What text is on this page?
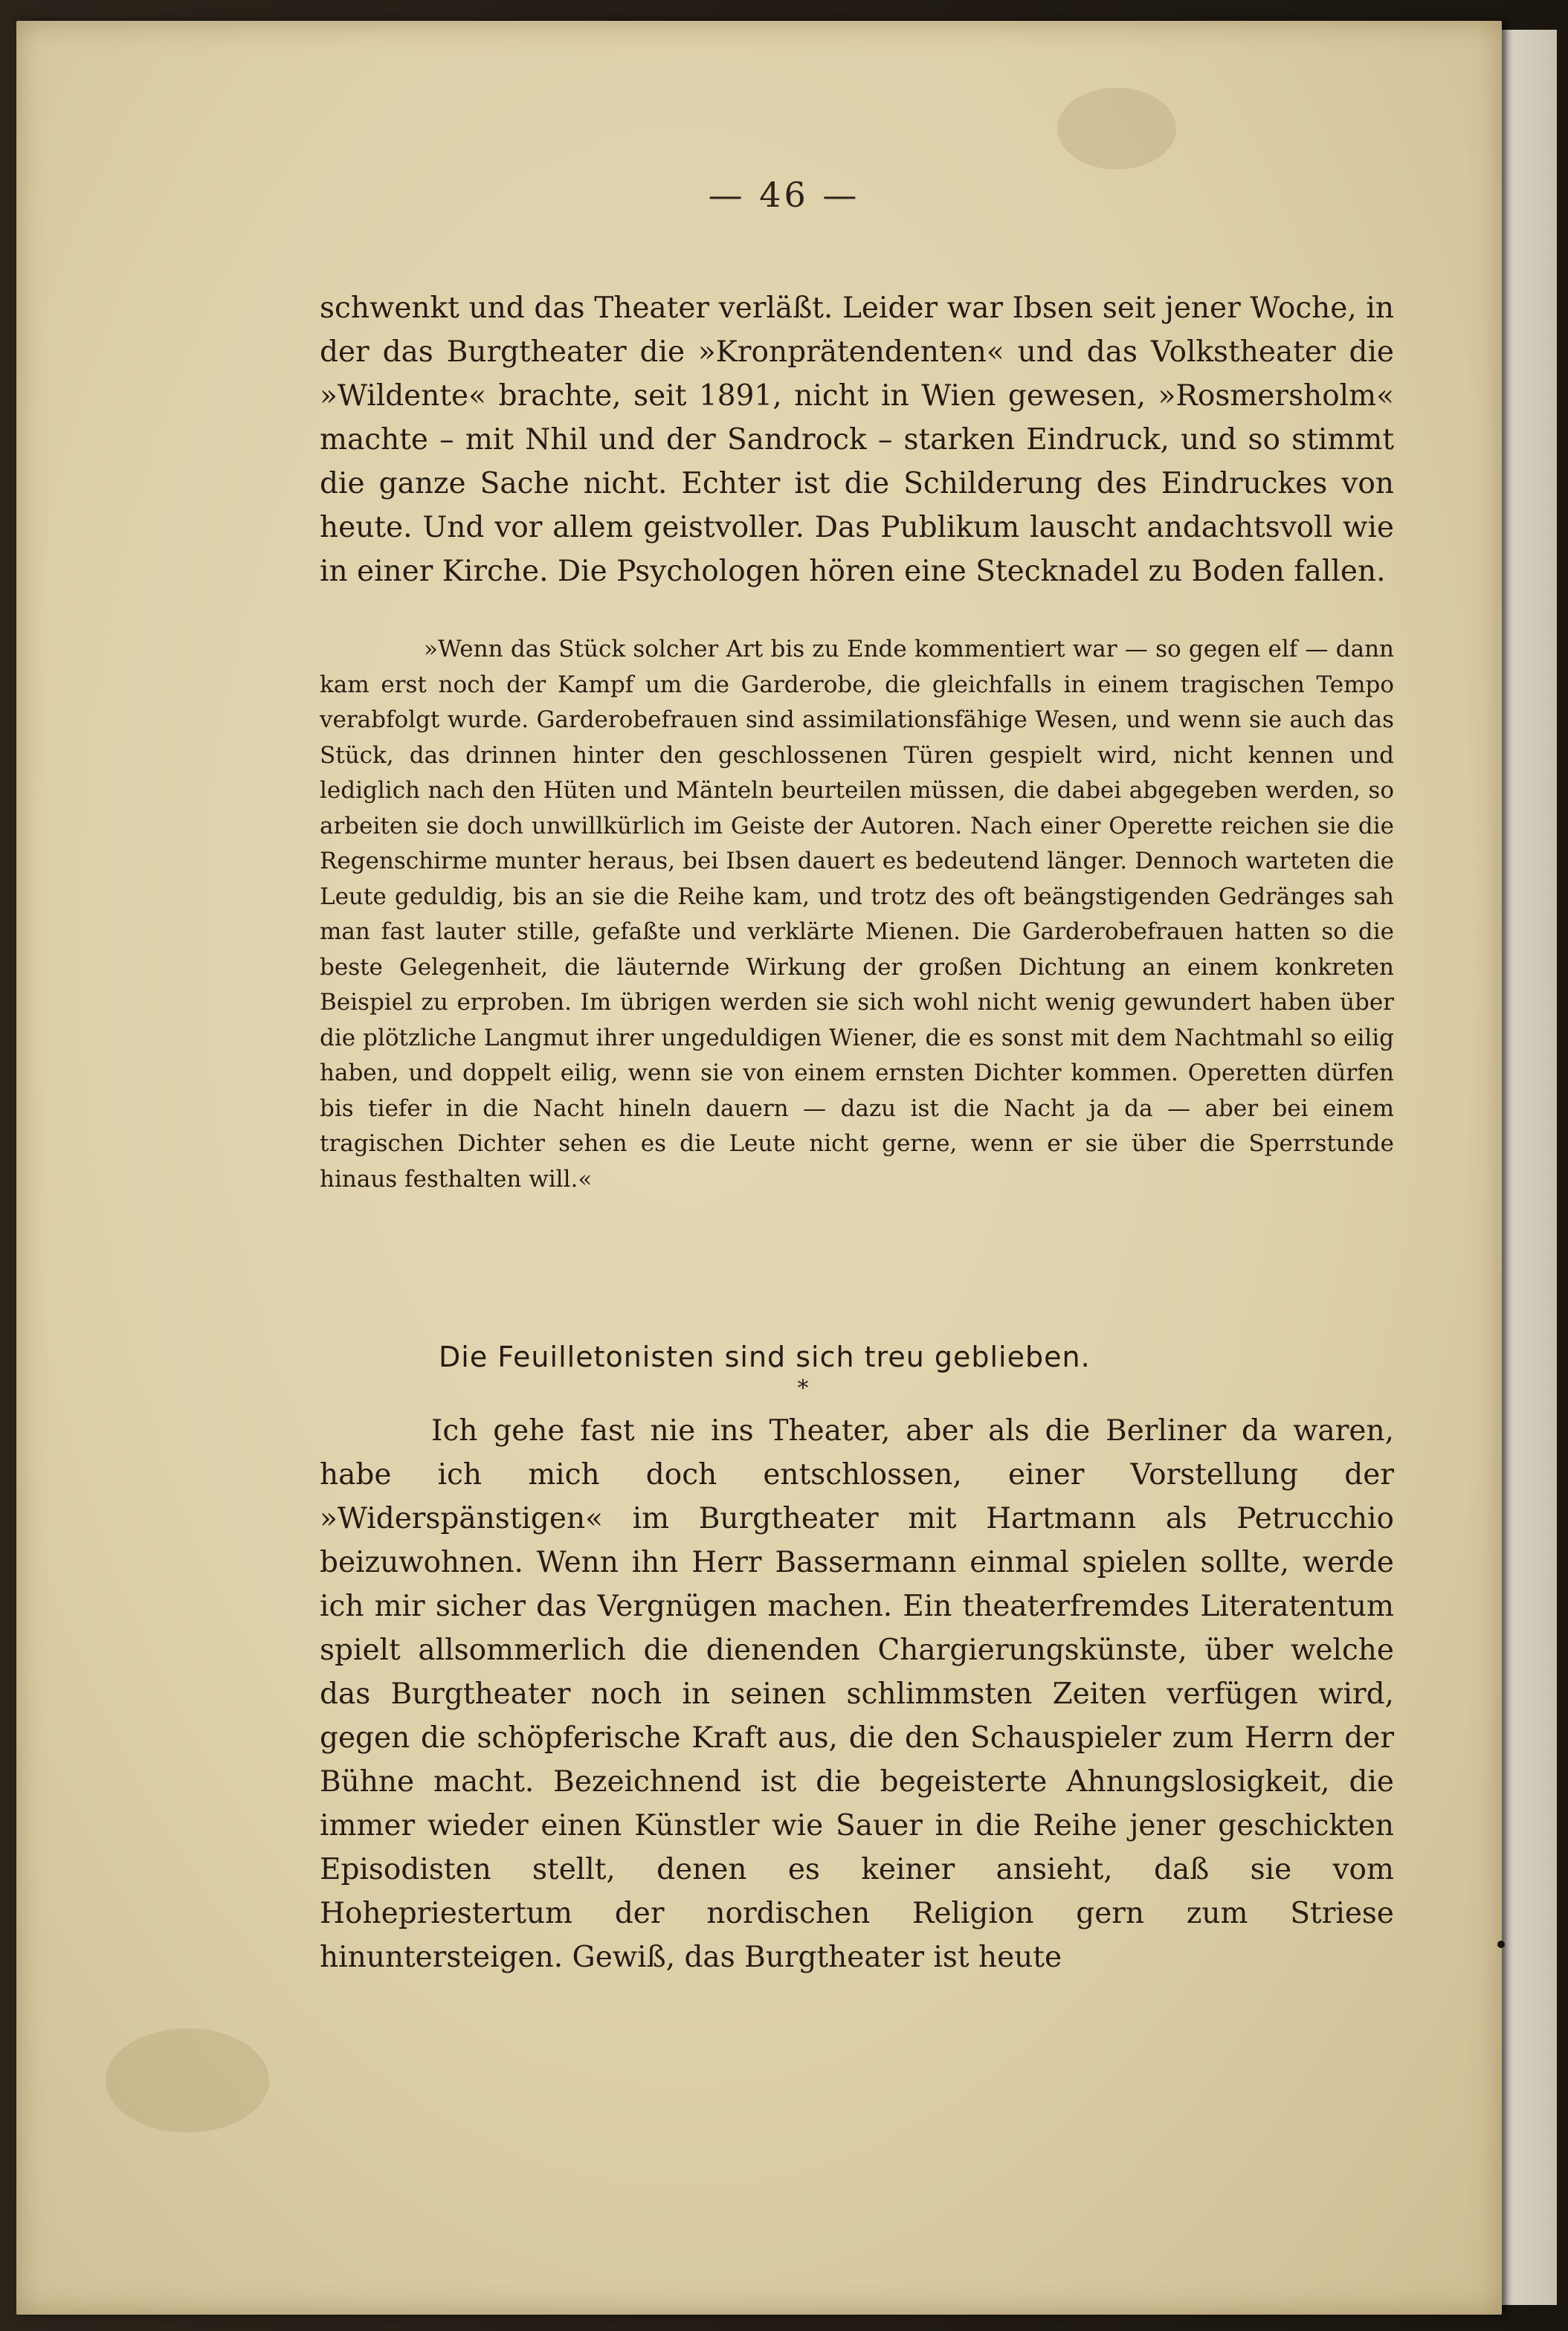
— 46 —

schwenkt und das Theater verläßt. Leider war Ibsen seit jener Woche, in der das Burgtheater die »Kronprätendenten« und das Volkstheater die »Wildente« brachte, seit 1891, nicht in Wien gewesen, »Rosmersholm« machte – mit Nhil und der Sandrock – starken Eindruck, und so stimmt die ganze Sache nicht. Echter ist die Schilderung des Eindruckes von heute. Und vor allem geistvoller. Das Publikum lauscht andachtsvoll wie in einer Kirche. Die Psychologen hören eine Stecknadel zu Boden fallen.

»Wenn das Stück solcher Art bis zu Ende kommentiert war — so gegen elf — dann kam erst noch der Kampf um die Garderobe, die gleichfalls in einem tragischen Tempo verabfolgt wurde. Garderobefrauen sind assimilationsfähige Wesen, und wenn sie auch das Stück, das drinnen hinter den geschlossenen Türen gespielt wird, nicht kennen und lediglich nach den Hüten und Mänteln beurteilen müssen, die dabei abgegeben werden, so arbeiten sie doch unwillkürlich im Geiste der Autoren. Nach einer Operette reichen sie die Regenschirme munter heraus, bei Ibsen dauert es bedeutend länger. Dennoch warteten die Leute geduldig, bis an sie die Reihe kam, und trotz des oft beängstigenden Gedränges sah man fast lauter stille, gefaßte und verklärte Mienen. Die Garderobefrauen hatten so die beste Gelegenheit, die läuternde Wirkung der großen Dichtung an einem konkreten Beispiel zu erproben. Im übrigen werden sie sich wohl nicht wenig gewundert haben über die plötzliche Langmut ihrer ungeduldigen Wiener, die es sonst mit dem Nachtmahl so eilig haben, und doppelt eilig, wenn sie von einem ernsten Dichter kommen. Operetten dürfen bis tiefer in die Nacht hineln dauern — dazu ist die Nacht ja da — aber bei einem tragischen Dichter sehen es die Leute nicht gerne, wenn er sie über die Sperrstunde hinaus festhalten will.«

Die Feuilletonisten sind sich treu geblieben.
*

Ich gehe fast nie ins Theater, aber als die Berliner da waren, habe ich mich doch entschlossen, einer Vorstellung der »Widerspänstigen« im Burgtheater mit Hartmann als Petrucchio beizuwohnen. Wenn ihn Herr Bassermann einmal spielen sollte, werde ich mir sicher das Vergnügen machen. Ein theaterfremdes Literatentum spielt allsommerlich die dienenden Chargierungskünste, über welche das Burgtheater noch in seinen schlimmsten Zeiten verfügen wird, gegen die schöpferische Kraft aus, die den Schauspieler zum Herrn der Bühne macht. Bezeichnend ist die begeisterte Ahnungslosigkeit, die immer wieder einen Künstler wie Sauer in die Reihe jener geschickten Episodisten stellt, denen es keiner ansieht, daß sie vom Hohepriestertum der nordischen Religion gern zum Striese hinuntersteigen. Gewiß, das Burgtheater ist heute
